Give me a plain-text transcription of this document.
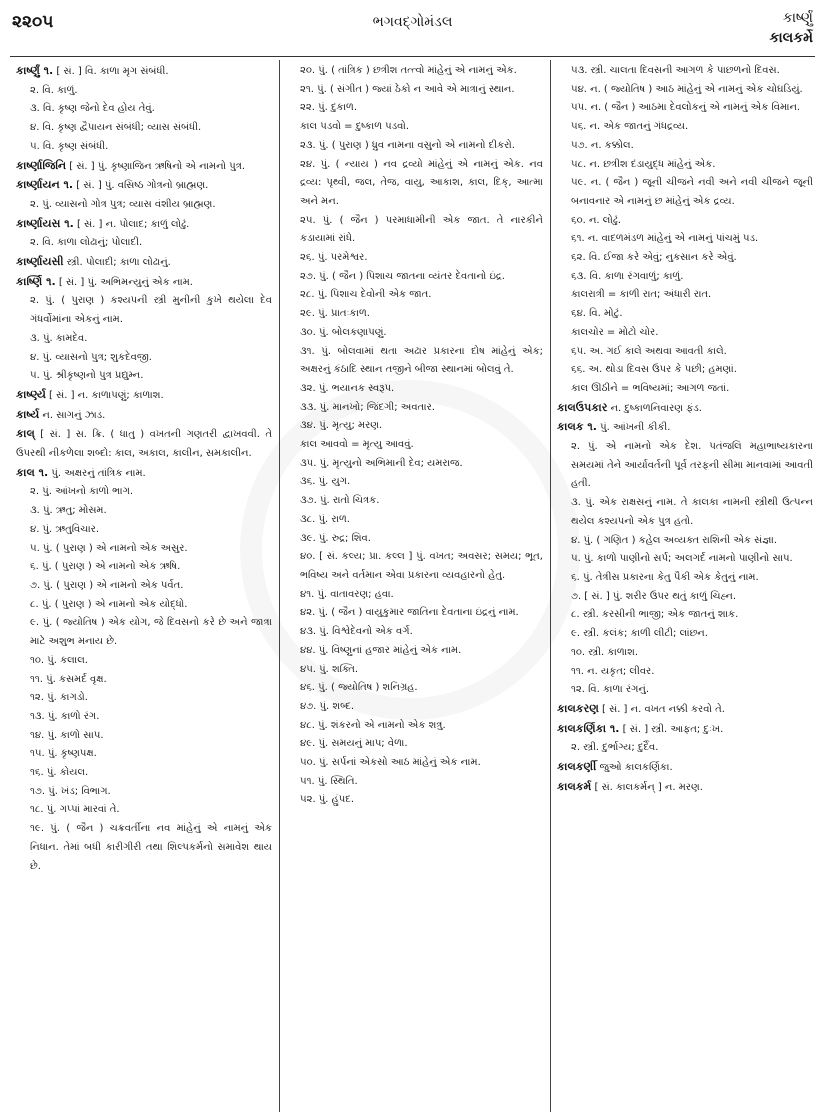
૨૨૦૫	ભગવદ્ગોમંડલ	કાર્ષ્ણું
કાલકર્મે

કાર્ષ્ણું ૧. [ સં. ] વિ. કાળા મૃગ સંબંધી.

૨. વિ. કાળું.

૩. વિ. કૃષ્ણ જેનો દેવ હોય તેવું.

૪. વિ. કૃષ્ણ દ્વૈપાયન સંબંધી; વ્યાસ સંબંધી.

૫. વિ. કૃષ્ણ સંબંધી.

કાર્ષ્ણાજિનિ [ સં. ] પું. કૃષ્ણાજિન ઋષિનો એ નામનો પુત્ર.

કાર્ષ્ણાયન ૧. [ સં. ] પું. વસિષ્ઠ ગોત્રનો બ્રાહ્મણ.

૨. પું. વ્યાસનો ગોત્ર પુત્ર; વ્યાસ વંશીય બ્રાહ્મણ.

કાર્ષ્ણાયસ ૧. [ સં. ] ન. પોલાદ; કાળું લોઢું.

૨. વિ. કાળા લોઢાનું; પોલાદી.

કાર્ષ્ણાયસી સ્ત્રી. પોલાદી; કાળા લોઢાનું.

કાર્ષ્ણિ ૧. [ સં. ] પું. અભિમન્યુનું એક નામ.

૨. પું. ( પુરાણ ) કશ્યપની સ્ત્રી મુનીની કુખે થયેલા દેવ ગંધર્વોમાંના એકનું નામ.

૩. પું. કામદેવ.

૪. પું. વ્યાસનો પુત્ર; શુકદેવજી.

૫. પું. શ્રીકૃષ્ણનો પુત્ર પ્રદ્યુમ્ન.

કાર્ષ્ણ્ય [ સં. ] ન. કાળાપણું; કાળાશ.

કાર્ષ્ય ન. સાગનું ઝાડ.

કાલ્ [ સં. ] સ. ક્રિ. ( ધાતુ ) વખતની ગણતરી દ્વાખવવી. તે ઉપરથી નીકળેલા શબ્દો: કાલ, અકાલ, કાલીન, સમકાલીન.

કાલ ૧. પું. અક્ષરનું તાંત્રિક નામ.

૨. પું. આંખનો કાળો ભાગ.

૩. પું. ઋતુ; મોસમ.

૪. પું. ઋતુવિચાર.

૫. પું. ( પુરાણ ) એ નામનો એક અસુર.

૬. પું. ( પુરાણ ) એ નામનો એક ઋષિ.

૭. પું. ( પુરાણ ) એ નામનો એક પર્વત.

૮. પું. ( પુરાણ ) એ નામનો એક યોદ્ધો.

૯. પું. ( જ્યોતિષ ) એક યોગ, જે દિવસનો કરે છે અને જાત્રા માટે અશુભ મનાય છે.

૧૦. પું. કલાલ.

૧૧. પું. કસમર્દ વૃક્ષ.

૧૨. પું. કાગડો.

૧૩. પું. કાળો રંગ.

૧૪. પું. કાળો સાપ.

૧૫. પું. કૃષ્ણપક્ષ.

૧૬. પું. કોયલ.

૧૭. પું. ખંડ; વિભાગ.

૧૮. પું. ગપ્પાં મારવાં તે.

૧૯. પું. ( જૈન ) ચક્રવર્તીના નવ માંહેનું એ નામનું એક નિધાન. તેમાં બધી કારીગીરી તથા શિલ્પકર્મનો સમાવેશ થાય છે.

૨૦. પું. ( તાંત્રિક ) છત્રીશ તત્ત્વો માંહેનું એ નામનું એક.

૨૧. પું. ( સંગીત ) જ્યાં ઠેકો ન આવે એ માત્રાનું સ્થાન.

૨૨. પું. દુકાળ.

કાલ પડવો = દુષ્કાળ પડવો.

૨૩. પું. ( પુરાણ ) ધ્રુવ નામના વસુનો એ નામનો દીકરો.

૨૪. પું. ( ન્યાય ) નવ દ્રવ્યો માંહેનું એ નામનું એક. નવ દ્રવ્ય: પૃથ્વી, જલ, તેજ, વાયુ, આકાશ, કાલ, દિક્, આત્મા અને મન.

૨૫. પું. ( જૈન ) પરમાધામીની એક જાત. તે નારકીને કડાયામાં રાંધે.

૨૬. પું. પરમેશ્વર.

૨૭. પું. ( જૈન ) પિશાચ જાતના વ્યંતર દેવતાનો ઇંદ્ર.

૨૮. પું. પિશાચ દેવોની એક જાત.

૨૯. પું. પ્રાતઃકાળ.

૩૦. પું. બોલકણાપણું.

૩૧. પું. બોલવામાં થતા અઢાર પ્રકારના દોષ માંહેનું એક; અક્ષરનું કંઠાદિ સ્થાન તજીને બીજા સ્થાનમાં બોલવું તે.

૩૨. પું. ભયાનક સ્વરૂપ.

૩૩. પું. માનખો; જિંદગી; અવતાર.

૩૪. પું. મૃત્યુ; મરણ.

કાલ આવવો = મૃત્યુ આવવું.

૩૫. પું. મૃત્યુનો અભિમાની દેવ; યમરાજ.

૩૬. પું. યુગ.

૩૭. પું. રાતો ચિત્રક.

૩૮. પું. રાળ.

૩૯. પું. રુદ્ર; શિવ.

૪૦. [ સં. કલ્ય; પ્રા. કલ્લ ] પું. વખત; અવસર; સમય; ભૂત, ભવિષ્ય અને વર્તમાન એવા પ્રકારના વ્યવહારનો હેતુ.

૪૧. પું. વાતાવરણ; હવા.

૪૨. પું. ( જૈન ) વાયુકુમાર જાતિના દેવતાના ઇંદ્રનું નામ.

૪૩. પું. વિશ્વેદેવનો એક વર્ગ.

૪૪. પું. વિષ્ણુનાં હજાર માંહેનું એક નામ.

૪૫. પું. શક્તિ.

૪૬. પું. ( જ્યોતિષ ) શનિગ્રહ.

૪૭. પું. શબ્દ.

૪૮. પું. શંકરનો એ નામનો એક શત્રુ.

૪૯. પું. સમયનું માપ; વેળા.

૫૦. પું. સર્પનાં એકસો આઠ માંહેનું એક નામ.

૫૧. પું. સ્થિતિ.

૫૨. પું. હુંપદ.

૫૩. સ્ત્રી. ચાલતા દિવસની આગળ કે પાછળનો દિવસ.

૫૪. ન. ( જ્યોતિષ ) આઠ માંહેનું એ નામનું એક ચોઘડિયું.

૫૫. ન. ( જૈન ) આઠમા દેવલોકનું એ નામનું એક વિમાન.

૫૬. ન. એક જાતનું ગંધદ્રવ્ય.

૫૭. ન. કક્કોલ.

૫૮. ન. છત્રીશ દંડાયુદ્ધ માંહેનું એક.

૫૯. ન. ( જૈન ) જૂની ચીજને નવી અને નવી ચીજને જૂની બનાવનાર એ નામનું છ માંહેનું એક દ્રવ્ય.

૬૦. ન. લોઢું.

૬૧. ન. વાદળમંડળ માંહેનું એ નામનું પાંચમું પડ.

૬૨. વિ. ઈજા કરે એવું; નુકસાન કરે એવું.

૬૩. વિ. કાળા રંગવાળું; કાળું.

કાલરાત્રી = કાળી રાત; અંધારી રાત.

૬૪. વિ. મોટું.

કાલચોર = મોટો ચોર.

૬૫. અ. ગઈ કાલે અથવા આવતી કાલે.

૬૬. અ. થોડા દિવસ ઉપર કે પછી; હમણાં.

કાલ ઊઠીને = ભવિષ્યમાં; આગળ જતાં.

કાલઉપકાર ન. દુષ્કાળનિવારણ ફંડ.

કાલક ૧. પું. આંખની કીકી.

૨. પું. એ નામનો એક દેશ. પતંજલિ મહાભાષ્યકારના સમયમાં તેને આર્યાવર્તની પૂર્વ તરફની સીમા માનવામાં આવતી હતી.

૩. પું. એક રાક્ષસનું નામ. તે કાલકા નામની સ્ત્રીથી ઉત્પન્ન થયેલ કશ્યપનો એક પુત્ર હતો.

૪. પું. ( ગણિત ) કહેલ અવ્યક્ત રાશિની એક સંજ્ઞા.

૫. પું. કાળો પાણીનો સર્પ; અલગર્દ નામનો પાણીનો સાપ.

૬. પું. તેત્રીસ પ્રકારના કેતુ પૈકી એક કેતુનું નામ.

૭. [ સં. ] પું. શરીર ઉપર થતું કાળું ચિહ્ન.

૮. સ્ત્રી. કરસીની ભાજી; એક જાતનું શાક.

૯. સ્ત્રી. કલંક; કાળી લીટી; લાંછન.

૧૦. સ્ત્રી. કાળાશ.

૧૧. ન. યકૃત; લીવર.

૧૨. વિ. કાળા રંગનું.

કાલકરણ [ સં. ] ન. વખત નક્કી કરવો તે.

કાલકર્ણિકા ૧. [ સં. ] સ્ત્રી. આફત; દુઃખ.

૨. સ્ત્રી. દુર્ભાગ્ય; દુર્દૈવ.

કાલકર્ણી જુઓ કાલકર્ણિકા.

કાલકર્મ [ સં. કાલકર્મન્ ] ન. મરણ.
